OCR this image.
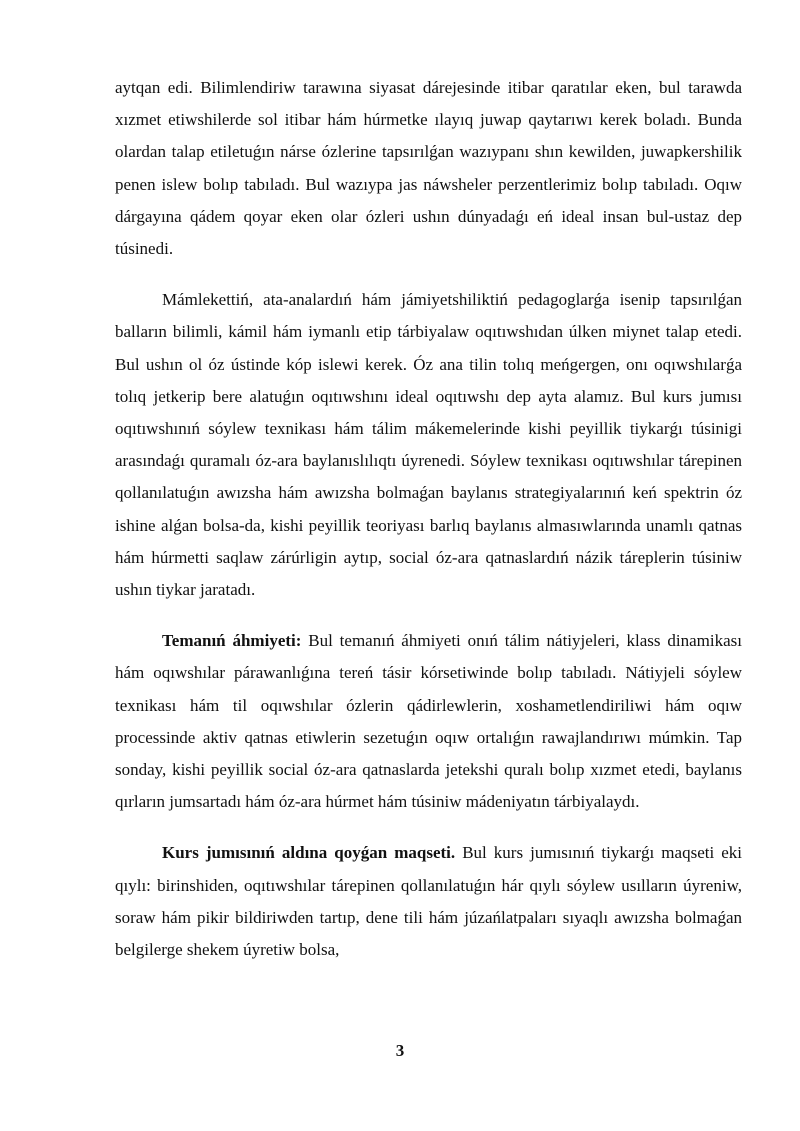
aytqan edi. Bilimlendiriw tarawına siyasat dárejesinde itibar qaratılar eken, bul tarawda xızmet etiwshilerde sol itibar hám húrmetke ılayıq juwap qaytarıwı kerek boladı. Bunda olardan talap etiletuǵın nárse ózlerine tapsırılǵan wazıypanı shın kewilden, juwapkershilik penen islew bolıp tabıladı. Bul wazıypa jas náwsheler perzentlerimiz bolıp tabıladı. Oqıw dárgayına qádem qoyar eken olar ózleri ushın dúnyadaǵı eń ideal insan bul-ustaz dep túsinedi.

Mámlekettiń, ata-analardıń hám jámiyetshiliktiń pedagoglarǵa isenip tapsırılǵan balların bilimli, kámil hám iymanlı etip tárbiyalaw oqıtıwshıdan úlken miynet talap etedi. Bul ushın ol óz ústinde kóp islewi kerek. Óz ana tilin tolıq meńgergen, onı oqıwshılarǵa tolıq jetkerip bere alatuǵın oqıtıwshını ideal oqıtıwshı dep ayta alamız. Bul kurs jumısı oqıtıwshınıń sóylew texnikası hám tálim mákemelerinde kishi peyillik tiykarǵı túsinigi arasındaǵı quramalı óz-ara baylanıslılıqtı úyrenedi. Sóylew texnikası oqıtıwshılar tárepinen qollanılatuǵın awızsha hám awızsha bolmaǵan baylanıs strategiyalarınıń keń spektrin óz ishine alǵan bolsa-da, kishi peyillik teoriyası barlıq baylanıs almasıwlarında unamlı qatnas hám húrmetti saqlaw zárúrligin aytıp, social óz-ara qatnaslardıń názik táreplerin túsiniw ushın tiykar jaratadı.

Temanıń áhmiyeti: Bul temanıń áhmiyeti onıń tálim nátiyjeleri, klass dinamikası hám oqıwshılar párawanlıǵına tereń tásir kórsetiwinde bolıp tabıladı. Nátiyjeli sóylew texnikası hám til oqıwshılar ózlerin qádirlewlerin, xoshametlendiriliwi hám oqıw processinde aktiv qatnas etiwlerin sezetuǵın oqıw ortalıǵın rawajlandırıwı múmkin. Tap sonday, kishi peyillik social óz-ara qatnaslarda jetekshi quralı bolıp xızmet etedi, baylanıs qırların jumsartadı hám óz-ara húrmet hám túsiniw mádeniyatın tárbiyalaydı.

Kurs jumısınıń aldına qoyǵan maqseti. Bul kurs jumısınıń tiykarǵı maqseti eki qıylı: birinshiden, oqıtıwshılar tárepinen qollanılatuǵın hár qıylı sóylew usılların úyreniw, soraw hám pikir bildiriwden tartıp, dene tili hám júzańlatpaları sıyaqlı awızsha bolmaǵan belgilerge shekem úyretiw bolsa,

3
